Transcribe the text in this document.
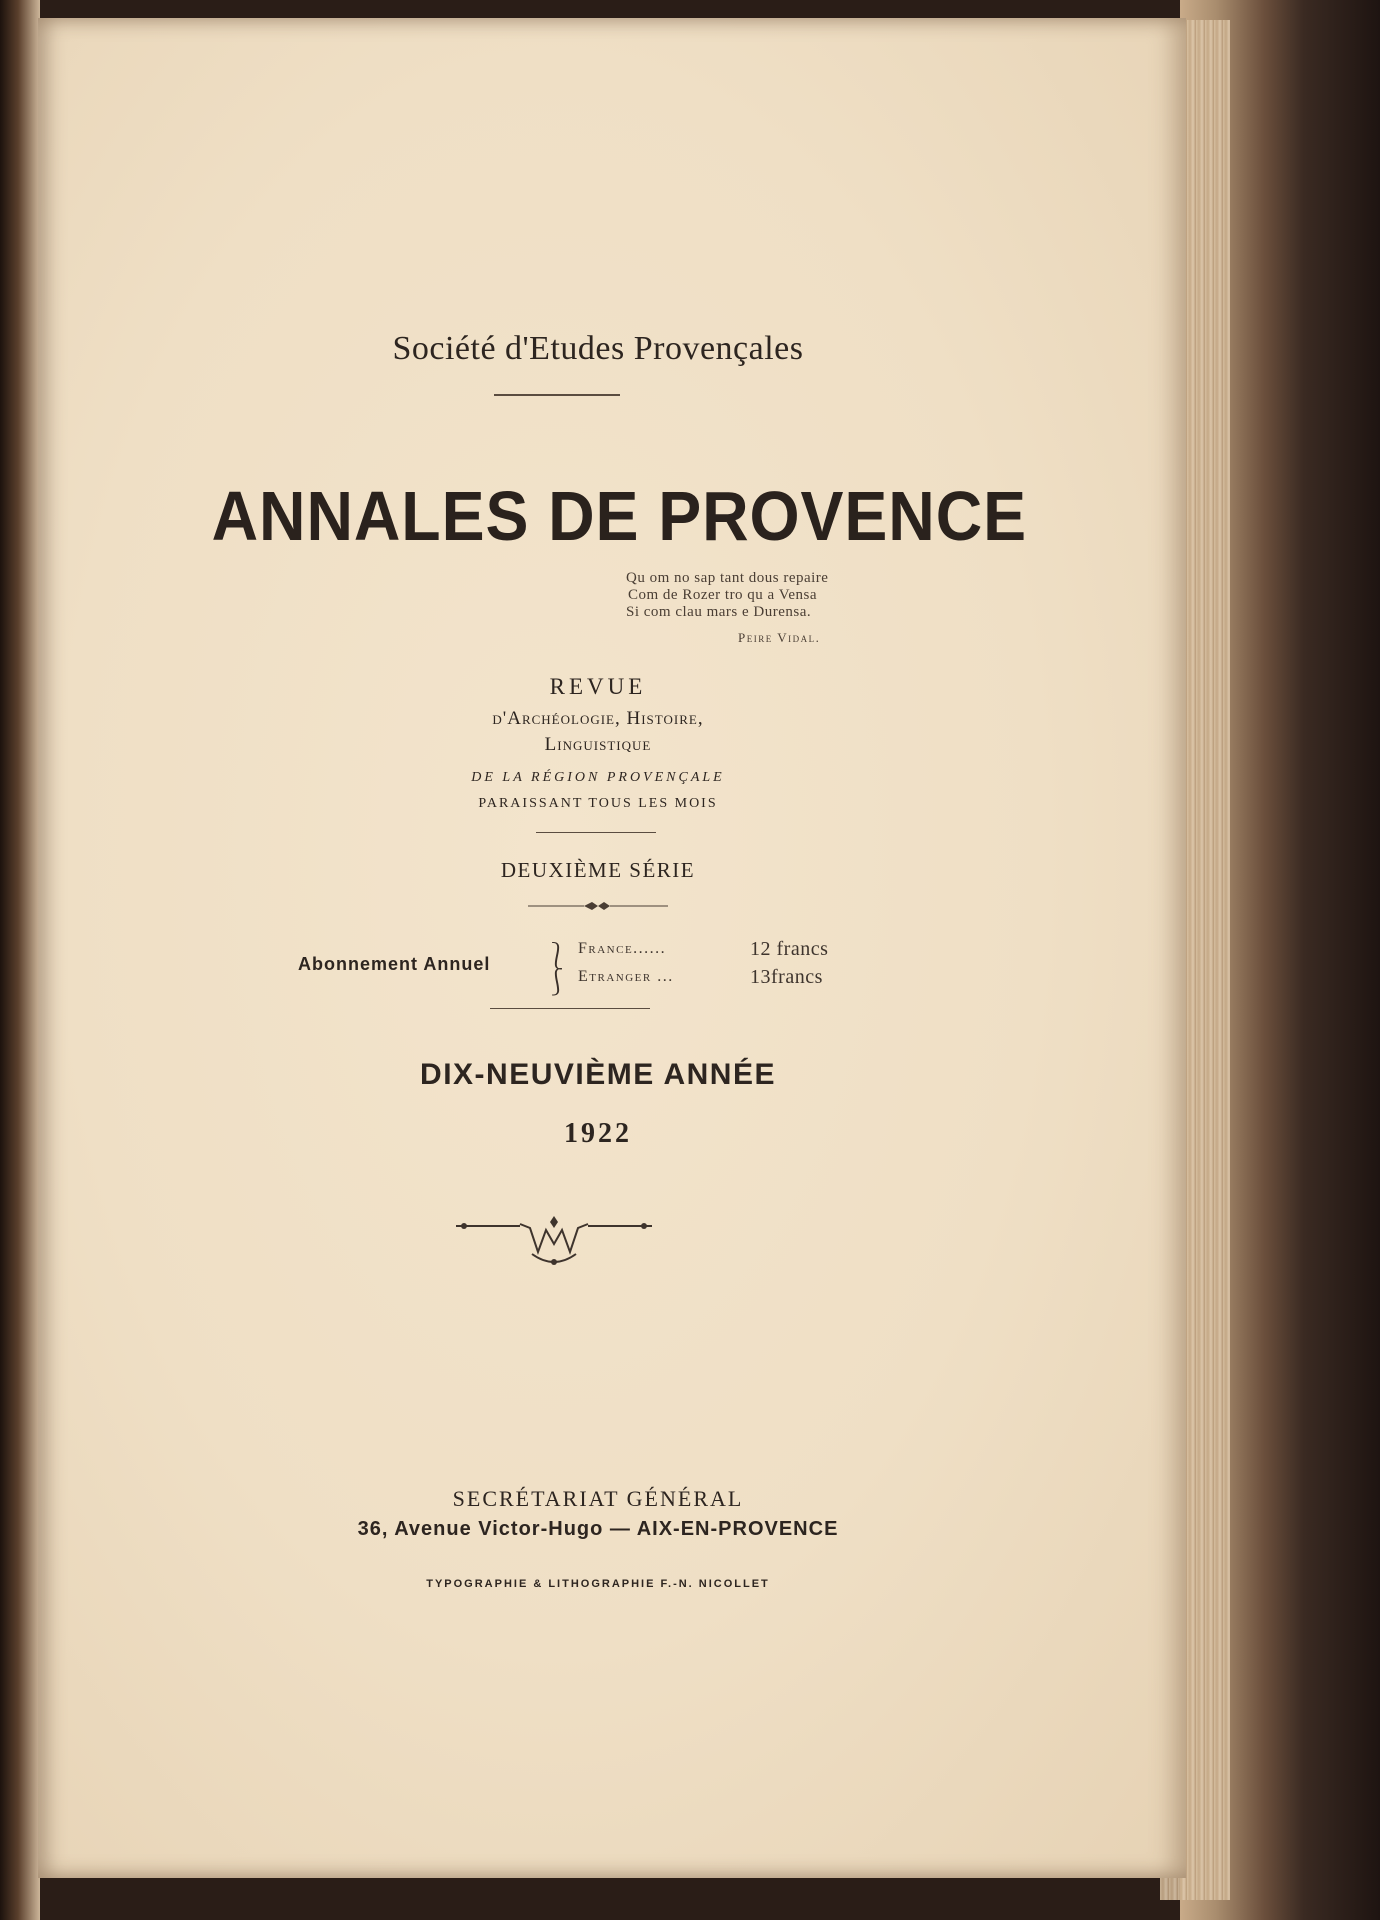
Société d'Etudes Provençales
ANNALES DE PROVENCE
Qu om no sap tant dous repaire
Com de Rozer tro qu a Vensa
Si com clau mars e Durensa.
Peire Vidal.
REVUE
d'Archéologie, Histoire,
Linguistique
DE LA RÉGION PROVENÇALE
PARAISSANT TOUS LES MOIS
DEUXIÈME SÉRIE
Abonnement Annuel ⎱
⎰
France......	12 francs
Etranger ...	13francs
DIX-NEUVIÈME ANNÉE
1922
SECRÉTARIAT GÉNÉRAL
36, Avenue Victor-Hugo — AIX-EN-PROVENCE
TYPOGRAPHIE & LITHOGRAPHIE F.-N. NICOLLET
